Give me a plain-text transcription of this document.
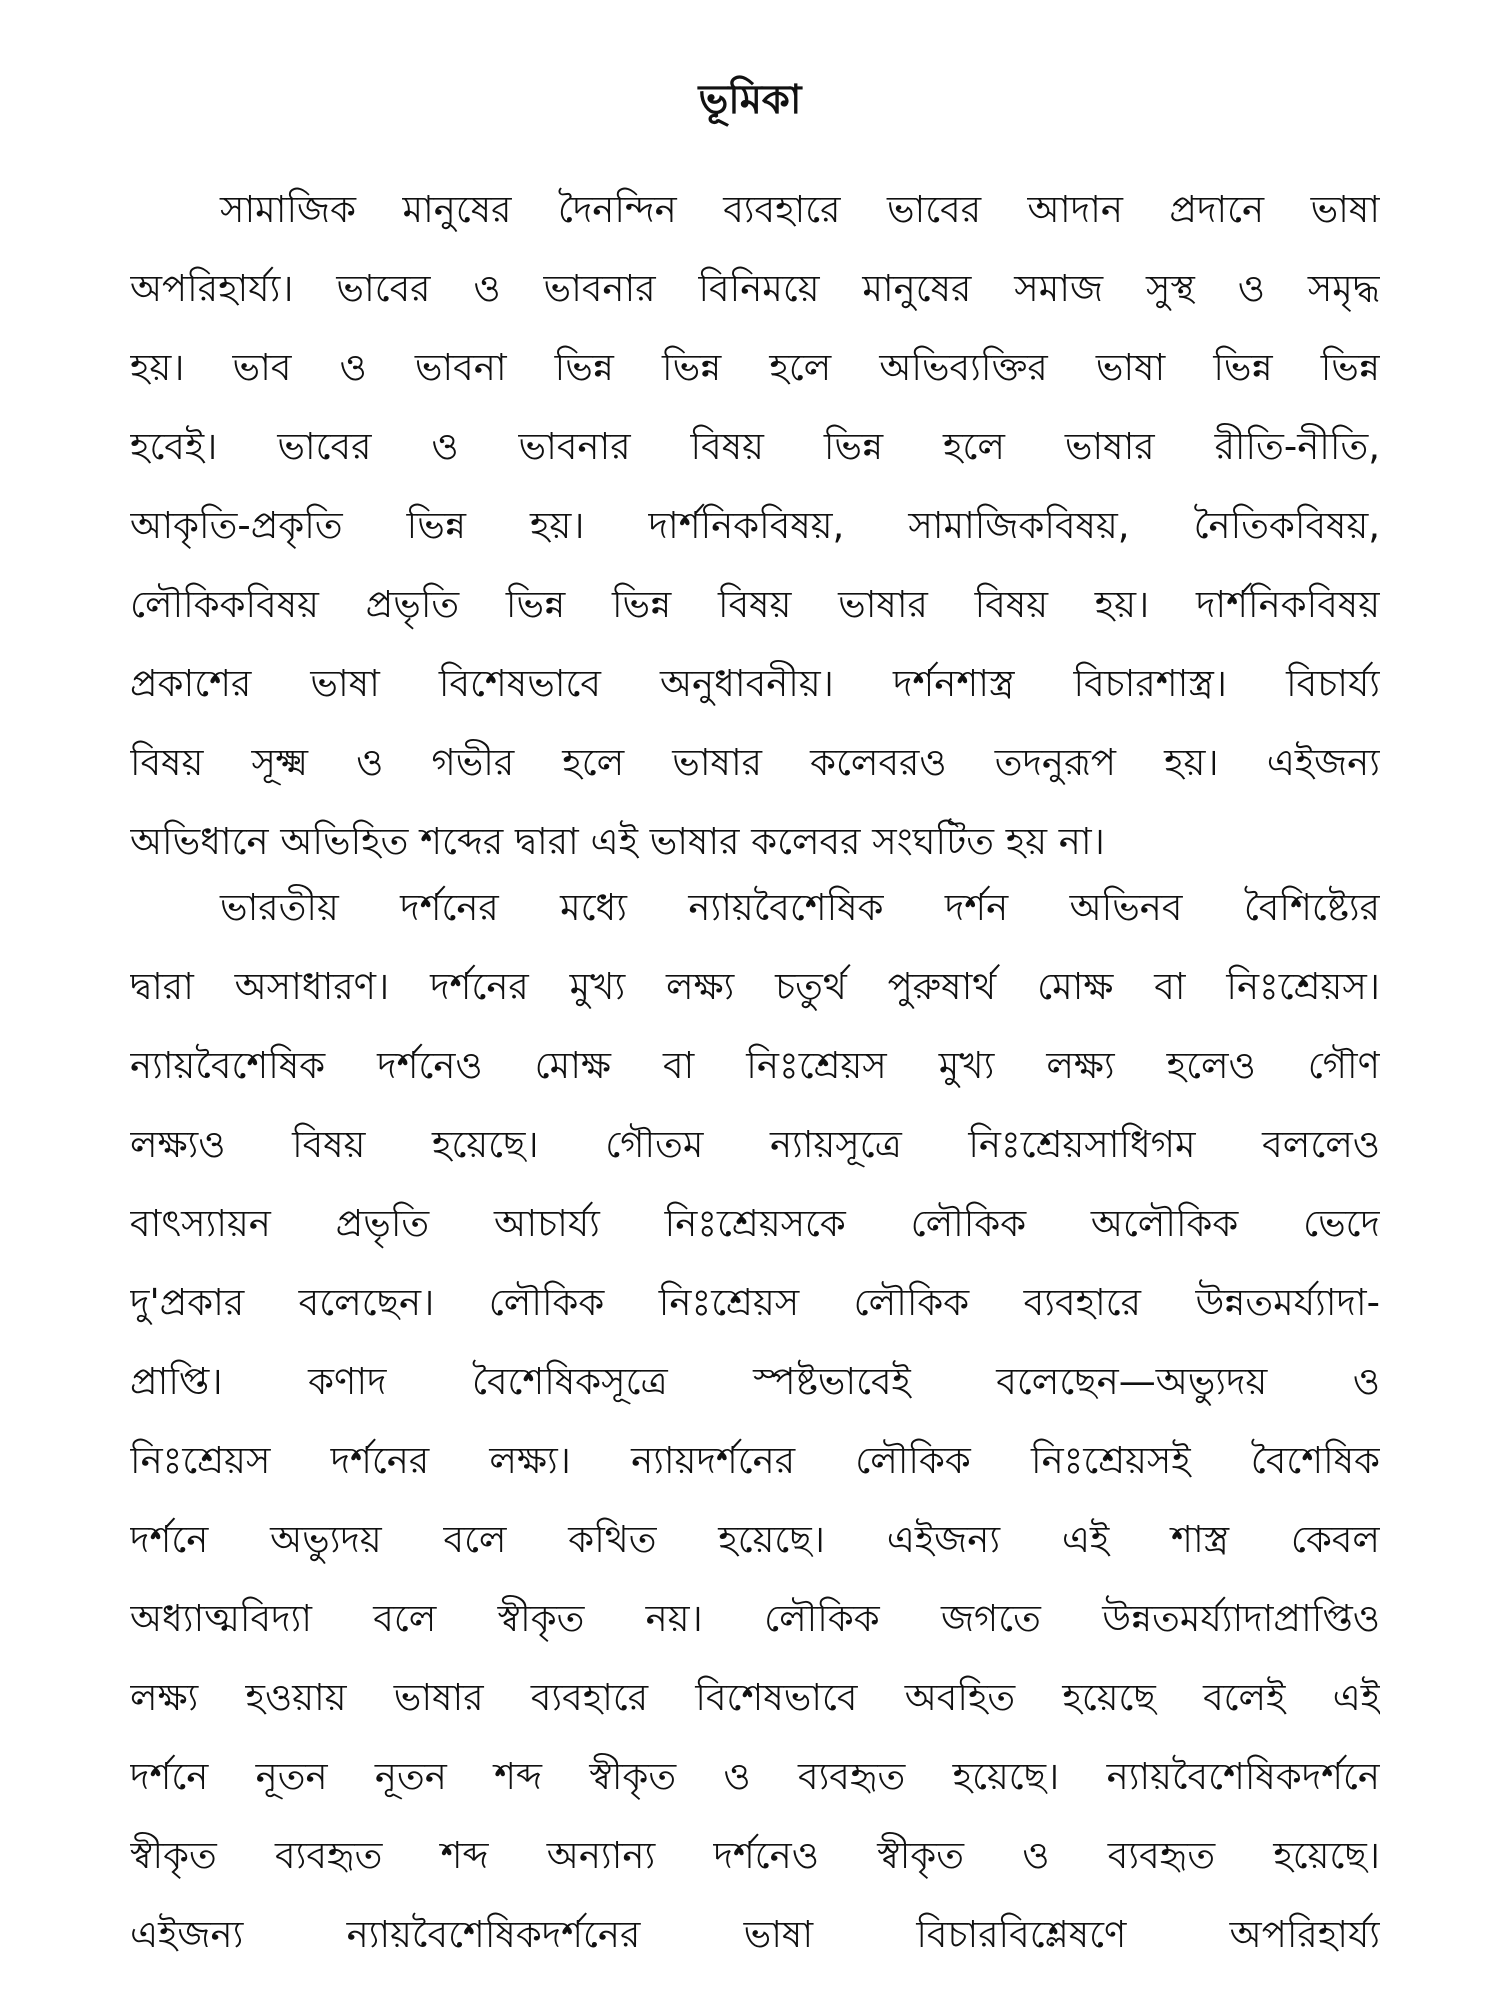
ভূমিকা
সামাজিক মানুষের দৈনন্দিন ব্যবহারে ভাবের আদান প্রদানে ভাষা
অপরিহার্য্য। ভাবের ও ভাবনার বিনিময়ে মানুষের সমাজ সুস্থ ও সমৃদ্ধ
হয়। ভাব ও ভাবনা ভিন্ন ভিন্ন হলে অভিব্যক্তির ভাষা ভিন্ন ভিন্ন
হবেই। ভাবের ও ভাবনার বিষয় ভিন্ন হলে ভাষার রীতি-নীতি,
আকৃতি-প্রকৃতি ভিন্ন হয়। দার্শনিকবিষয়, সামাজিকবিষয়, নৈতিকবিষয়,
লৌকিকবিষয় প্রভৃতি ভিন্ন ভিন্ন বিষয় ভাষার বিষয় হয়। দার্শনিকবিষয়
প্রকাশের ভাষা বিশেষভাবে অনুধাবনীয়। দর্শনশাস্ত্র বিচারশাস্ত্র। বিচার্য্য
বিষয় সূক্ষ্ম ও গভীর হলে ভাষার কলেবরও তদনুরূপ হয়। এইজন্য
অভিধানে অভিহিত শব্দের দ্বারা এই ভাষার কলেবর সংঘটিত হয় না।
ভারতীয় দর্শনের মধ্যে ন্যায়বৈশেষিক দর্শন অভিনব বৈশিষ্ট্যের
দ্বারা অসাধারণ। দর্শনের মুখ্য লক্ষ্য চতুর্থ পুরুষার্থ মোক্ষ বা নিঃশ্রেয়স।
ন্যায়বৈশেষিক দর্শনেও মোক্ষ বা নিঃশ্রেয়স মুখ্য লক্ষ্য হলেও গৌণ
লক্ষ্যও বিষয় হয়েছে। গৌতম ন্যায়সূত্রে নিঃশ্রেয়সাধিগম বললেও
বাৎস্যায়ন প্রভৃতি আচার্য্য নিঃশ্রেয়সকে লৌকিক অলৌকিক ভেদে
দু'প্রকার বলেছেন। লৌকিক নিঃশ্রেয়স লৌকিক ব্যবহারে উন্নতমর্য্যাদা-
প্রাপ্তি। কণাদ বৈশেষিকসূত্রে স্পষ্টভাবেই বলেছেন—অভ্যুদয় ও
নিঃশ্রেয়স দর্শনের লক্ষ্য। ন্যায়দর্শনের লৌকিক নিঃশ্রেয়সই বৈশেষিক
দর্শনে অভ্যুদয় বলে কথিত হয়েছে। এইজন্য এই শাস্ত্র কেবল
অধ্যাত্মবিদ্যা বলে স্বীকৃত নয়। লৌকিক জগতে উন্নতমর্য্যাদাপ্রাপ্তিও
লক্ষ্য হওয়ায় ভাষার ব্যবহারে বিশেষভাবে অবহিত হয়েছে বলেই এই
দর্শনে নূতন নূতন শব্দ স্বীকৃত ও ব্যবহৃত হয়েছে। ন্যায়বৈশেষিকদর্শনে
স্বীকৃত ব্যবহৃত শব্দ অন্যান্য দর্শনেও স্বীকৃত ও ব্যবহৃত হয়েছে।
এইজন্য ন্যায়বৈশেষিকদর্শনের ভাষা বিচারবিশ্লেষণে অপরিহার্য্য
